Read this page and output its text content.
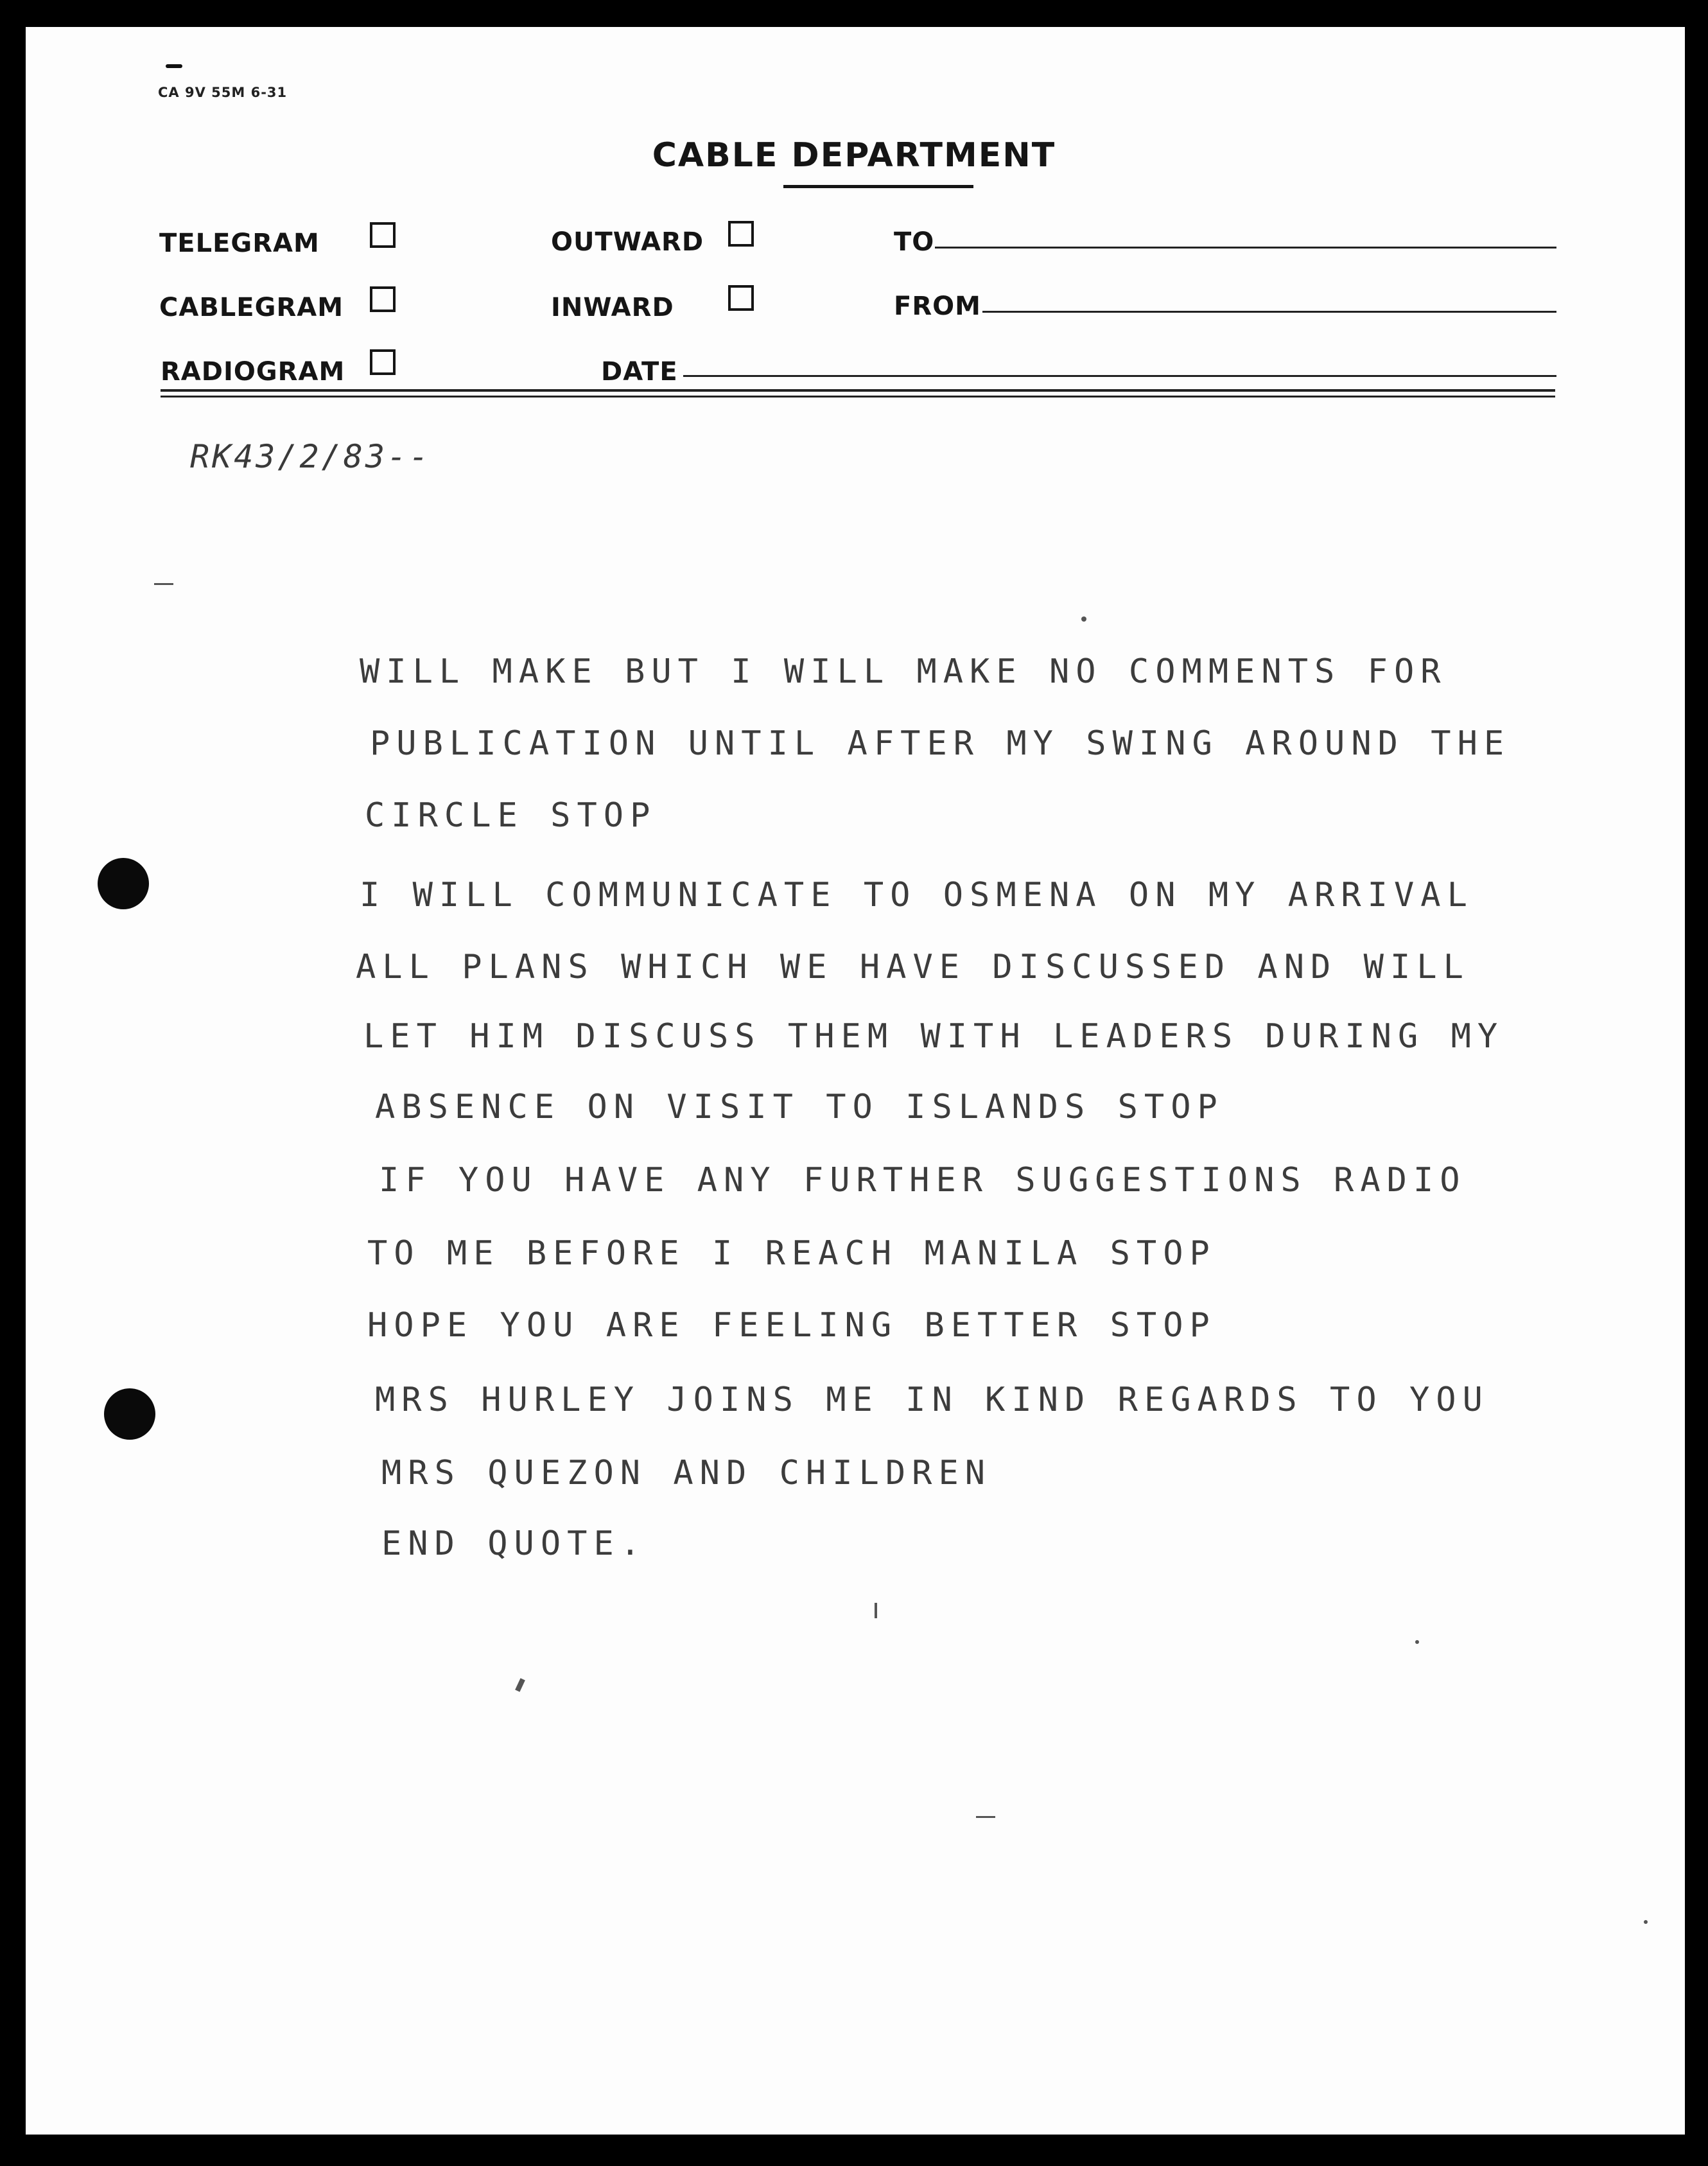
CA 9V 55M 6-31
CABLE DEPARTMENT
TELEGRAM	OUTWARD	TO
CABLEGRAM	INWARD	FROM
RADIOGRAM	DATE
RK43/2/83--
WILL MAKE BUT I WILL MAKE NO COMMENTS FOR
PUBLICATION UNTIL AFTER MY SWING AROUND THE
CIRCLE STOP
I WILL COMMUNICATE TO OSMENA ON MY ARRIVAL
ALL PLANS WHICH WE HAVE DISCUSSED AND WILL
LET HIM DISCUSS THEM WITH LEADERS DURING MY
ABSENCE ON VISIT TO ISLANDS STOP
IF YOU HAVE ANY FURTHER SUGGESTIONS RADIO
TO ME BEFORE I REACH MANILA STOP
HOPE YOU ARE FEELING BETTER STOP
MRS HURLEY JOINS ME IN KIND REGARDS TO YOU
MRS QUEZON AND CHILDREN
END QUOTE.
